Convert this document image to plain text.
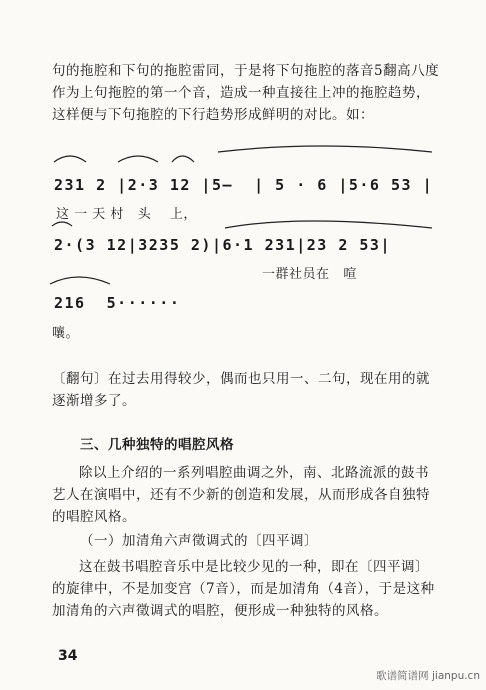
句的拖腔和下句的拖腔雷同，于是将下句拖腔的落音5翻高八度作为上句拖腔的第一个音，造成一种直接往上冲的拖腔趋势，这样便与下句拖腔的下行趋势形成鲜明的对比。如：
231 2 |2·3 12 |5—  | 5 · 6 |5·6 53 |
这 一 天 村   头    上，
2·(3 12|3235 2)|6·1 231|23 2 53|
一群社员在   喧
216  5······
嚷。
〔翻句〕在过去用得较少，偶而也只用一、二句，现在用的就逐渐增多了。
三、几种独特的唱腔风格
除以上介绍的一系列唱腔曲调之外，南、北路流派的鼓书艺人在演唱中，还有不少新的创造和发展，从而形成各自独特的唱腔风格。
（一）加清角六声徵调式的〔四平调〕
这在鼓书唱腔音乐中是比较少见的一种，即在〔四平调〕的旋律中，不是加变宫（7音），而是加清角（4音），于是这种加清角的六声徵调式的唱腔，便形成一种独特的风格。
34
歌谱简谱网 jianpu.cn
